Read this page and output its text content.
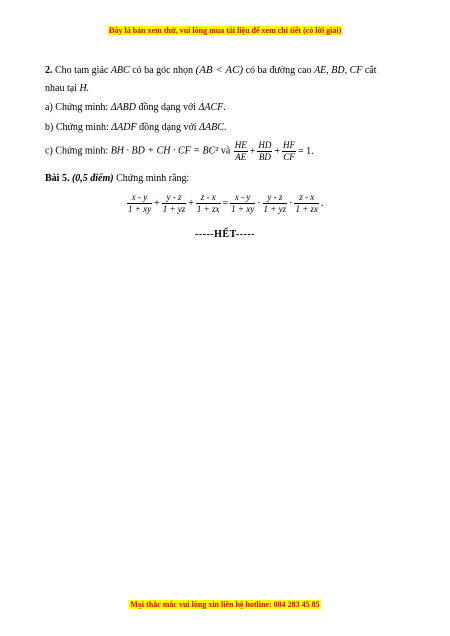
Đây là bản xem thử, vui lòng mua tài liệu để xem chi tiết (có lời giải)
2. Cho tam giác ABC có ba góc nhọn (AB < AC) có ba đường cao AE, BD, CF cắt
nhau tại H.
a) Chứng minh: ΔABD đồng dạng với ΔACF.
b) Chứng minh: ΔADF đồng dạng với ΔABC.
c) Chứng minh: BH · BD + CH · CF = BC² và $\frac{HE}{AE} + \frac{HD}{BD} + \frac{HF}{CF} = 1$.
Bài 5. (0,5 điểm) Chứng minh rằng:
$\frac{x - y}{1 + xy} + \frac{y - z}{1 + yz} + \frac{z - x}{1 + zx} = \frac{x - y}{1 + xy} \cdot \frac{y - z}{1 + yz} \cdot \frac{z - x}{1 + zx}$ .
-----HẾT-----
Mọi thắc mắc vui lòng xin liên hệ hotline: 084 283 45 85
